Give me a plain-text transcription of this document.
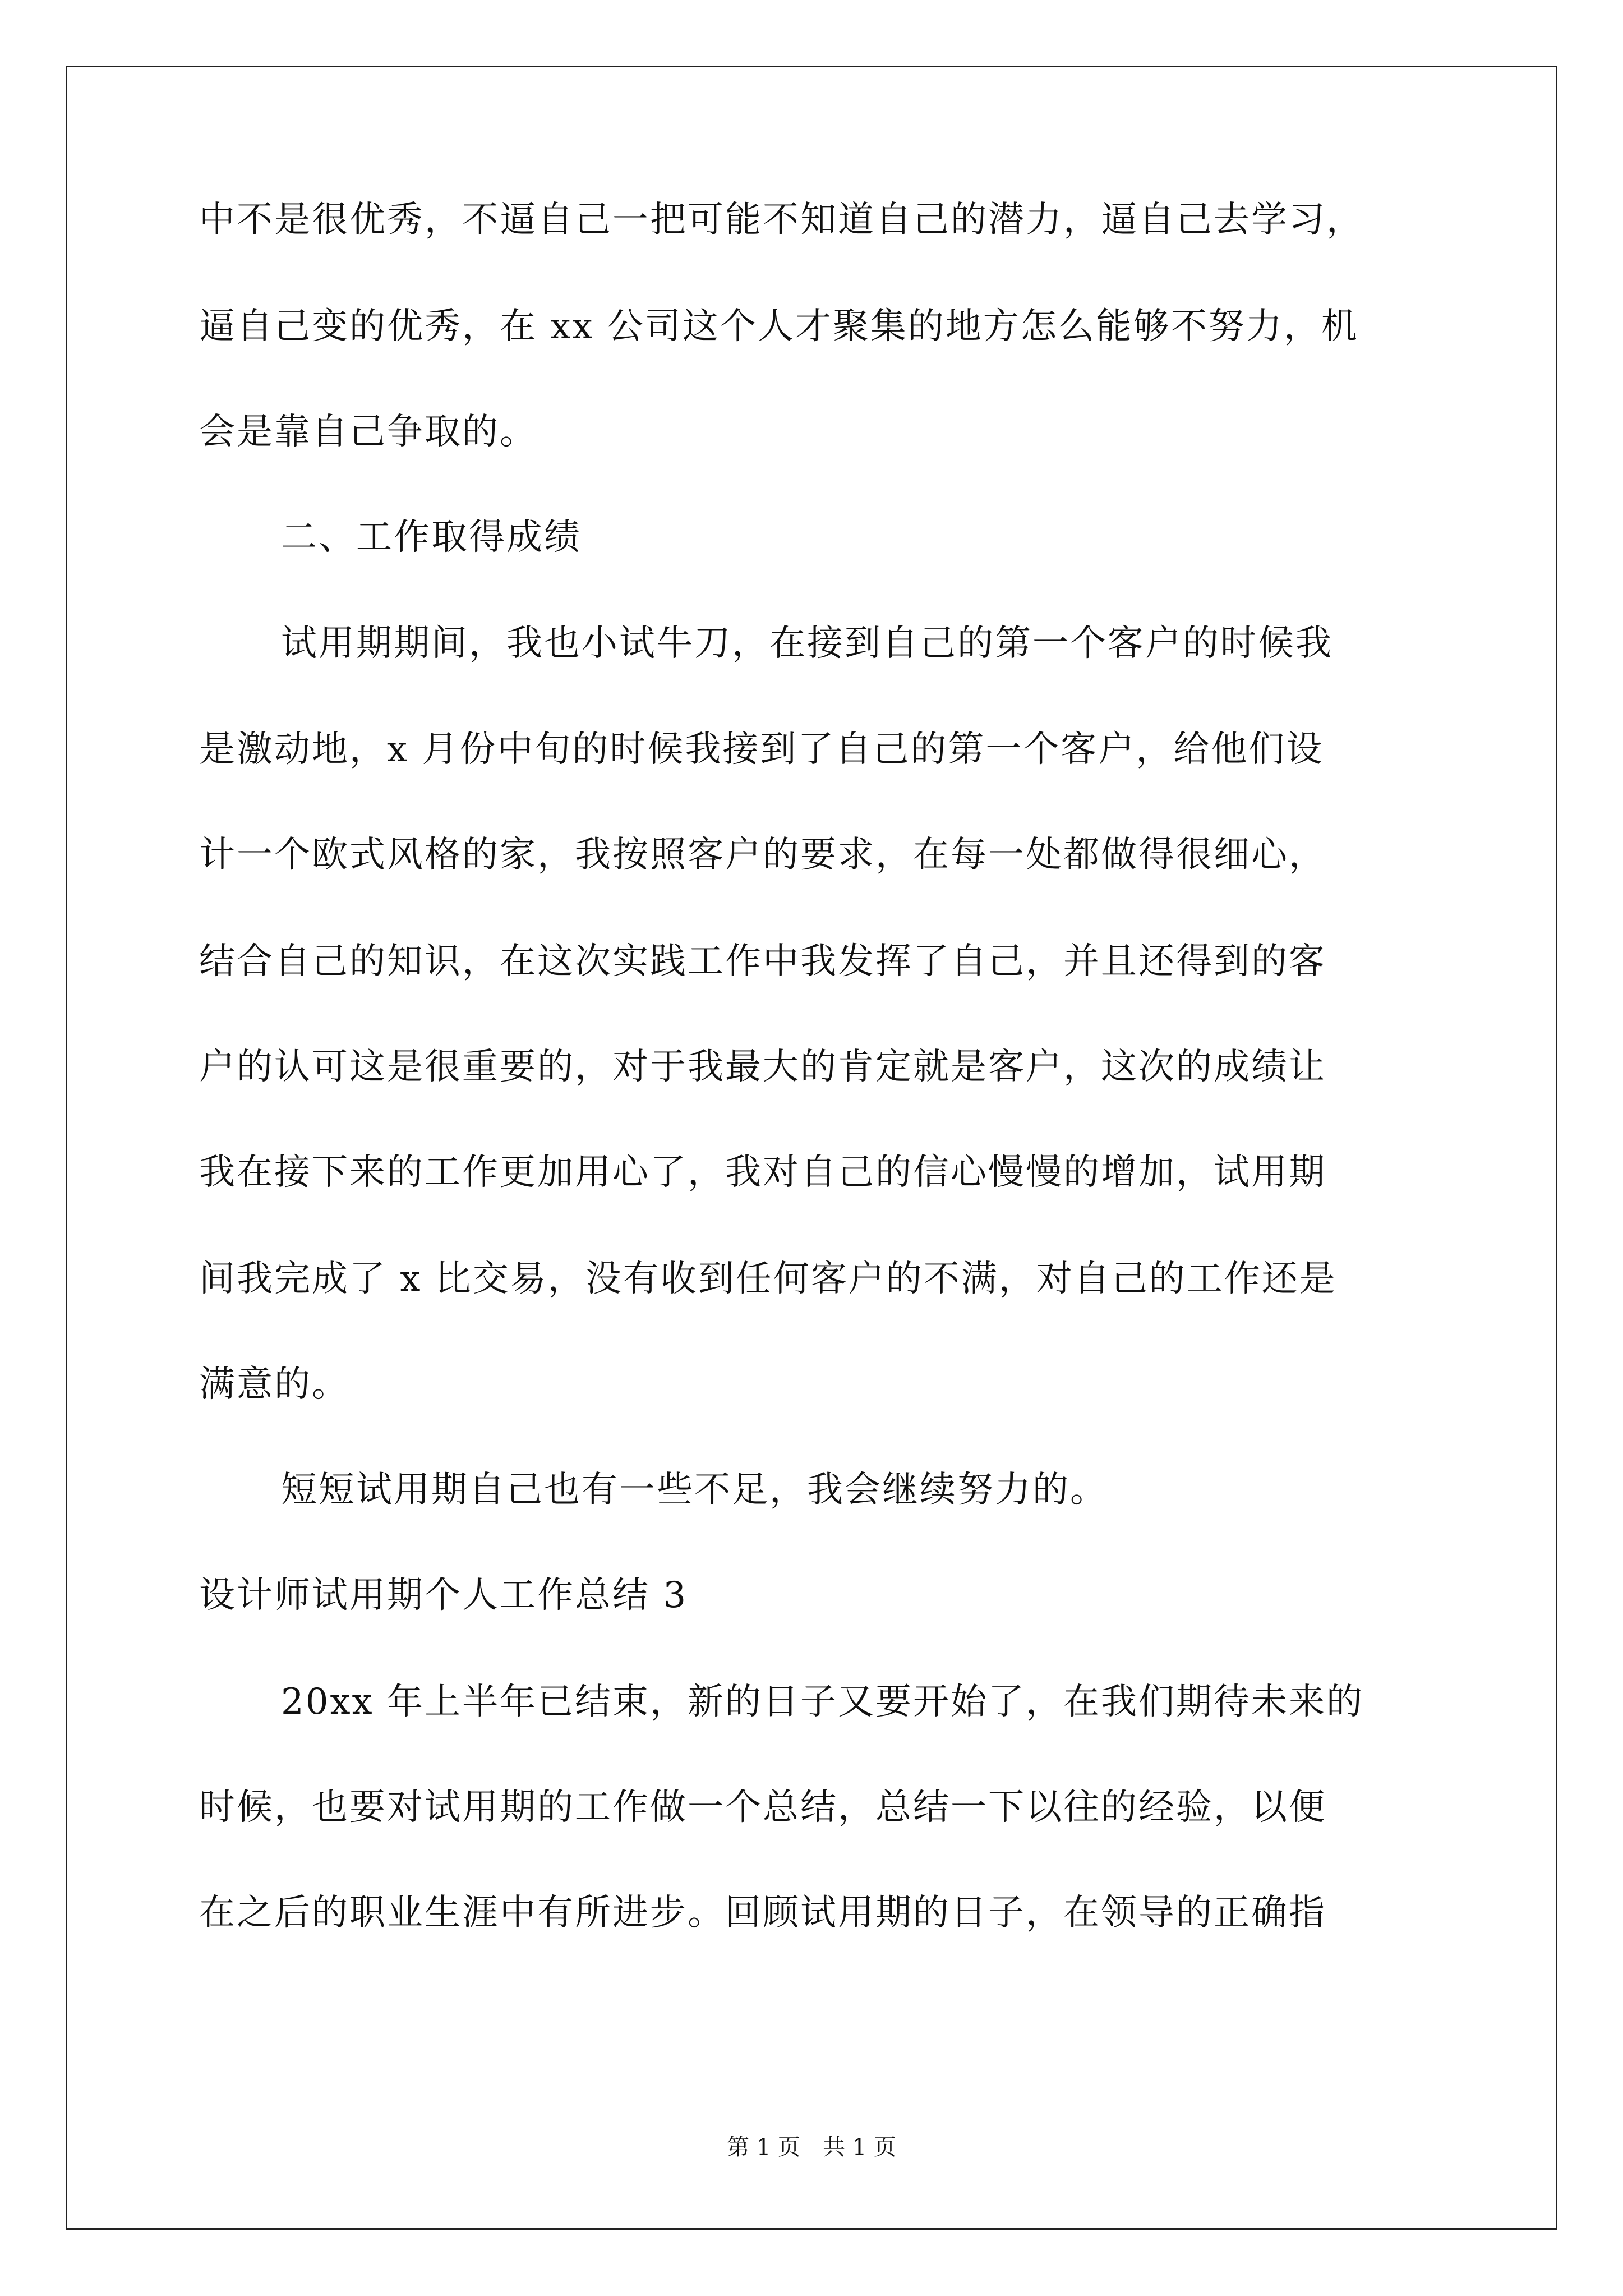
中不是很优秀，不逼自己一把可能不知道自己的潜力，逼自己去学习，
逼自己变的优秀，在 xx 公司这个人才聚集的地方怎么能够不努力，机
会是靠自己争取的。
二、工作取得成绩
试用期期间，我也小试牛刀，在接到自己的第一个客户的时候我
是激动地，x 月份中旬的时候我接到了自己的第一个客户，给他们设
计一个欧式风格的家，我按照客户的要求，在每一处都做得很细心，
结合自己的知识，在这次实践工作中我发挥了自己，并且还得到的客
户的认可这是很重要的，对于我最大的肯定就是客户，这次的成绩让
我在接下来的工作更加用心了，我对自己的信心慢慢的增加，试用期
间我完成了 x 比交易，没有收到任何客户的不满，对自己的工作还是
满意的。
短短试用期自己也有一些不足，我会继续努力的。
设计师试用期个人工作总结 3
20xx 年上半年已结束，新的日子又要开始了，在我们期待未来的
时候，也要对试用期的工作做一个总结，总结一下以往的经验，以便
在之后的职业生涯中有所进步。回顾试用期的日子，在领导的正确指
第 1 页　共 1 页
